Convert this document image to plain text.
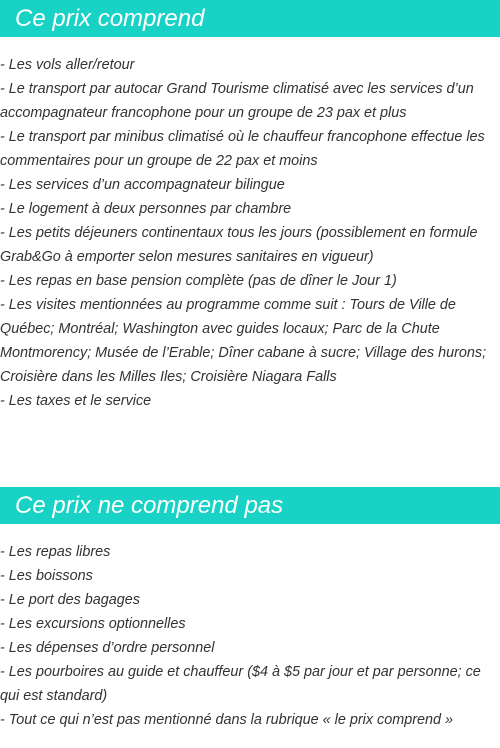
Ce prix comprend
- Les vols aller/retour
- Le transport par autocar Grand Tourisme climatisé avec les services d’un accompagnateur francophone pour un groupe de 23 pax et plus
- Le transport par minibus climatisé où le chauffeur francophone effectue les commentaires pour un groupe de 22 pax et moins
- Les services d’un accompagnateur bilingue
- Le logement à deux personnes par chambre
- Les petits déjeuners continentaux tous les jours (possiblement en formule Grab&Go à emporter selon mesures sanitaires en vigueur)
- Les repas en base pension complète (pas de dîner le Jour 1)
- Les visites mentionnées au programme comme suit : Tours de Ville de Québec; Montréal; Washington avec guides locaux; Parc de la Chute Montmorency; Musée de l’Erable; Dîner cabane à sucre; Village des hurons; Croisière dans les Milles Iles; Croisière Niagara Falls
- Les taxes et le service
Ce prix ne comprend pas
- Les repas libres
- Les boissons
- Le port des bagages
- Les excursions optionnelles
- Les dépenses d’ordre personnel
- Les pourboires au guide et chauffeur ($4 à $5 par jour et par personne; ce qui est standard)
- Tout ce qui n’est pas mentionné dans la rubrique « le prix comprend »
